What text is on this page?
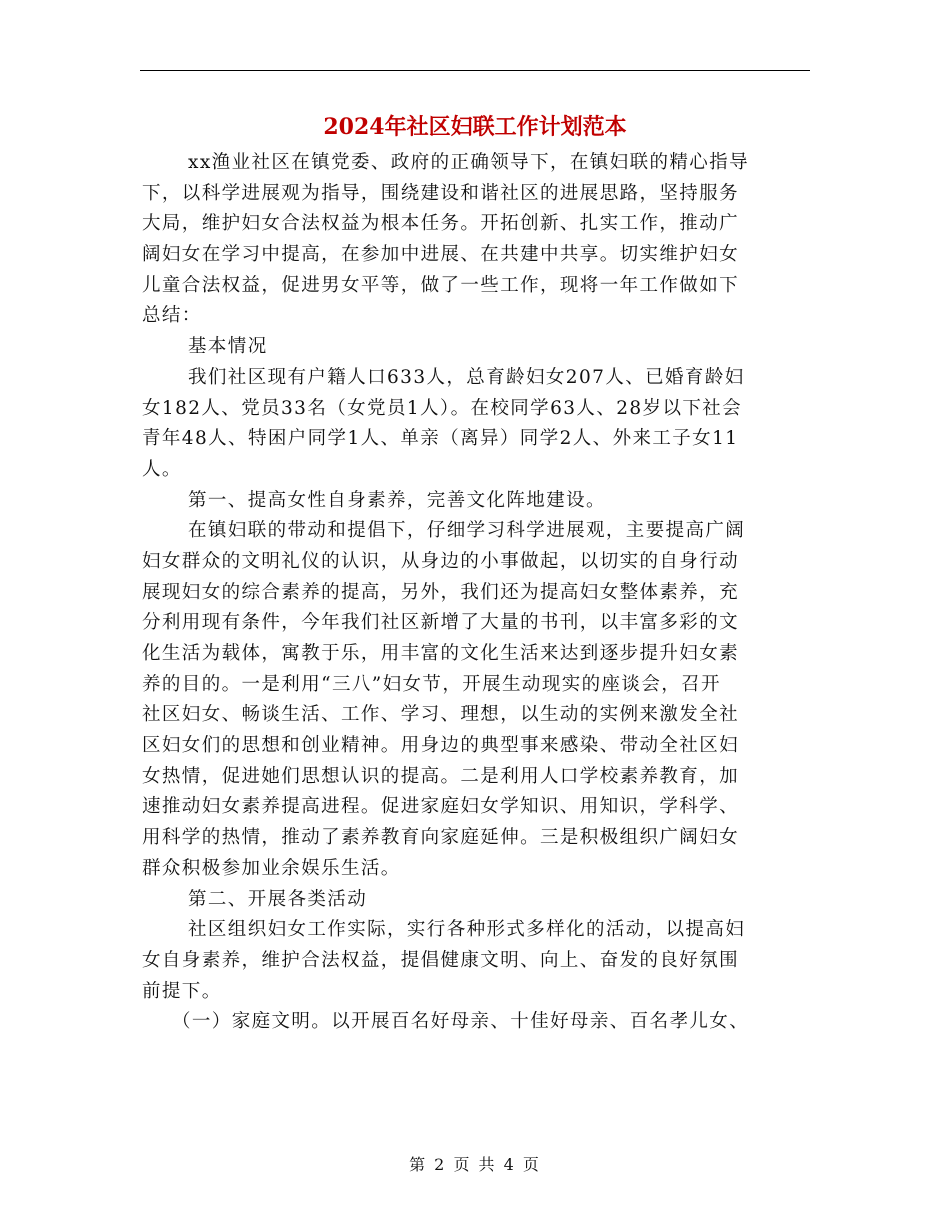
2024年社区妇联工作计划范本
xx渔业社区在镇党委、政府的正确领导下，在镇妇联的精心指导
下，以科学进展观为指导，围绕建设和谐社区的进展思路，坚持服务
大局，维护妇女合法权益为根本任务。开拓创新、扎实工作，推动广
阔妇女在学习中提高，在参加中进展、在共建中共享。切实维护妇女
儿童合法权益，促进男女平等，做了一些工作，现将一年工作做如下
总结：
基本情况
我们社区现有户籍人口633人，总育龄妇女207人、已婚育龄妇
女182人、党员33名（女党员1人）。在校同学63人、28岁以下社会
青年48人、特困户同学1人、单亲（离异）同学2人、外来工子女11
人。
第一、提高女性自身素养，完善文化阵地建设。
在镇妇联的带动和提倡下，仔细学习科学进展观，主要提高广阔
妇女群众的文明礼仪的认识，从身边的小事做起，以切实的自身行动
展现妇女的综合素养的提高，另外，我们还为提高妇女整体素养，充
分利用现有条件，今年我们社区新增了大量的书刊，以丰富多彩的文
化生活为载体，寓教于乐，用丰富的文化生活来达到逐步提升妇女素
养的目的。一是利用“三八”妇女节，开展生动现实的座谈会，召开
社区妇女、畅谈生活、工作、学习、理想，以生动的实例来激发全社
区妇女们的思想和创业精神。用身边的典型事来感染、带动全社区妇
女热情，促进她们思想认识的提高。二是利用人口学校素养教育，加
速推动妇女素养提高进程。促进家庭妇女学知识、用知识，学科学、
用科学的热情，推动了素养教育向家庭延伸。三是积极组织广阔妇女
群众积极参加业余娱乐生活。
第二、开展各类活动
社区组织妇女工作实际，实行各种形式多样化的活动，以提高妇
女自身素养，维护合法权益，提倡健康文明、向上、奋发的良好氛围
前提下。
（一）家庭文明。以开展百名好母亲、十佳好母亲、百名孝儿女、
第 2 页 共 4 页
